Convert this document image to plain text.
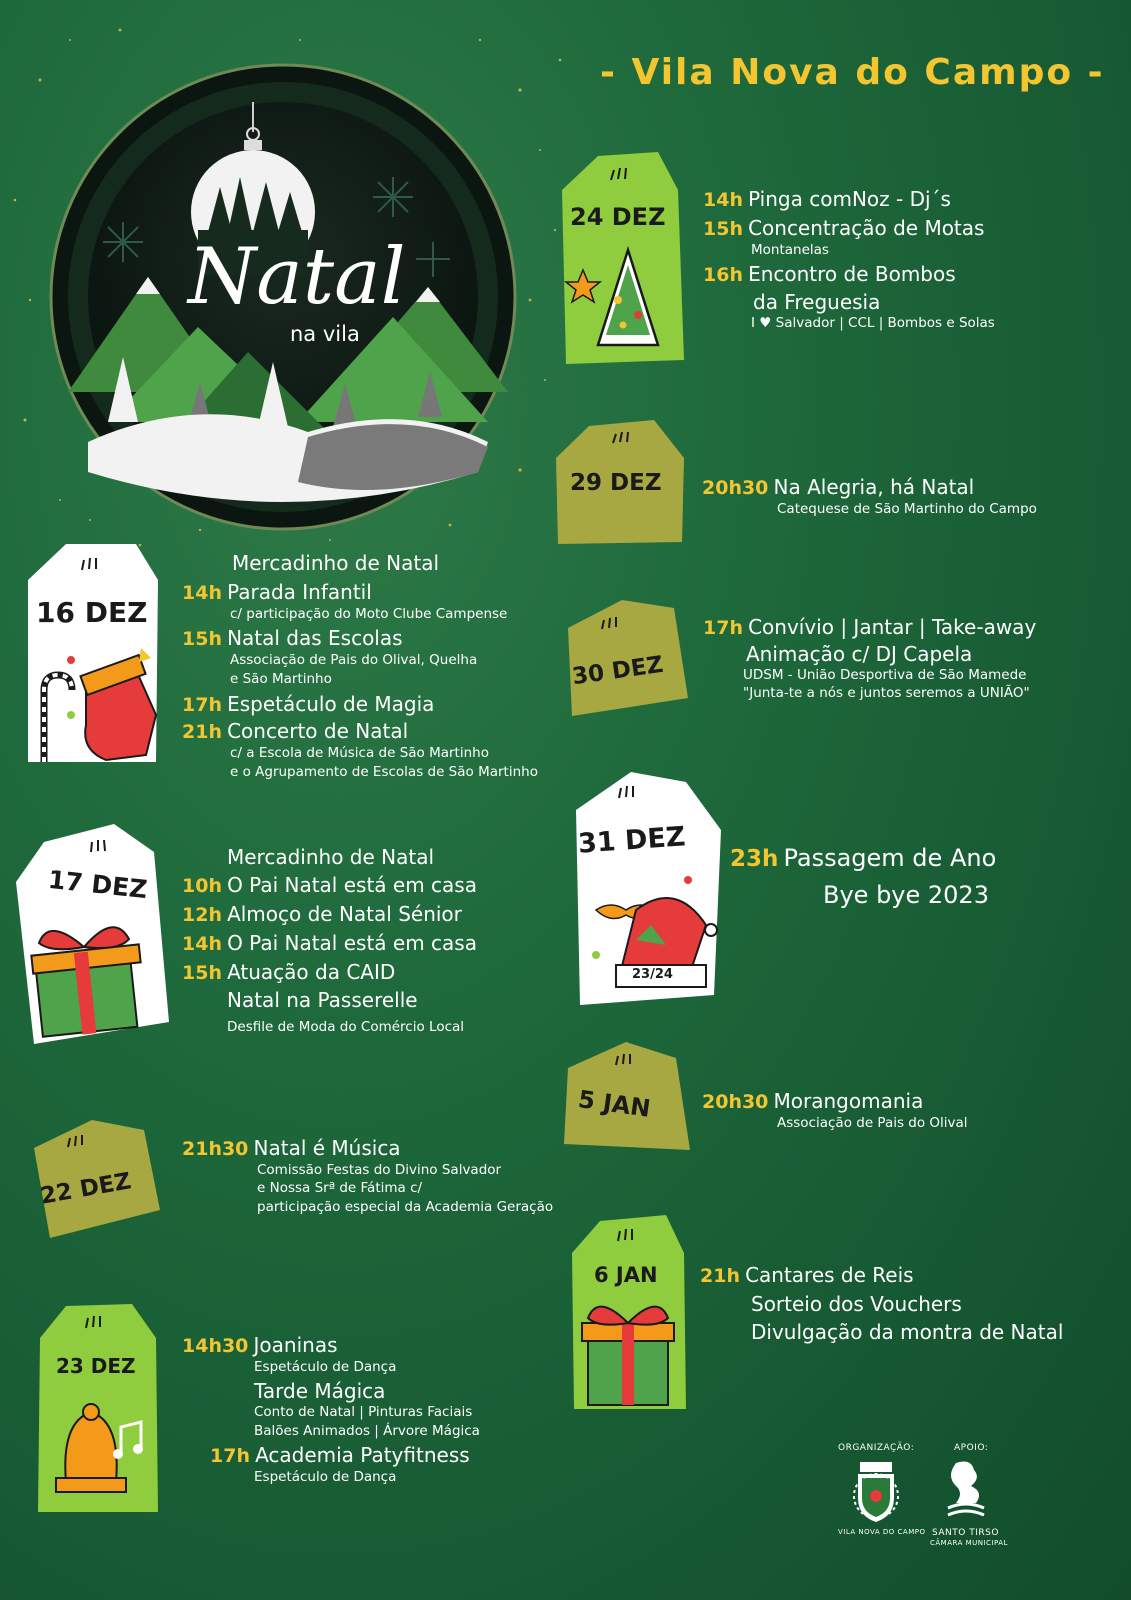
- Vila Nova do Campo -
Natal
na vila
24 DEZ
14h Pinga comNoz - Dj´s
15h Concentração de Motas
Montanelas
16h Encontro de Bombos
da Freguesia
I ♥ Salvador | CCL | Bombos e Solas
29 DEZ 20h30 Na Alegria, há Natal
Catequese de São Martinho do Campo
30 DEZ
17h Convívio | Jantar | Take-away
Animação c/ DJ Capela
UDSM - União Desportiva de São Mamede
"Junta-te a nós e juntos seremos a UNIÃO"
31 DEZ
23/24
23h Passagem de Ano
Bye bye 2023
5 JAN	20h30 Morangomania
Associação de Pais do Olival
6 JAN 21h Cantares de Reis
Sorteio dos Vouchers
Divulgação da montra de Natal
16 DEZ
Mercadinho de Natal
14h Parada Infantil
c/ participação do Moto Clube Campense
15h Natal das Escolas
Associação de Pais do Olival, Quelha
e São Martinho
17h Espetáculo de Magia
21h Concerto de Natal
c/ a Escola de Música de São Martinho
e o Agrupamento de Escolas de São Martinho
17 DEZ
Mercadinho de Natal
10h O Pai Natal está em casa
12h Almoço de Natal Sénior
14h O Pai Natal está em casa
15h Atuação da CAID
Natal na Passerelle
Desfile de Moda do Comércio Local
22 DEZ
21h30 Natal é Música
Comissão Festas do Divino Salvador
e Nossa Srª de Fátima c/
participação especial da Academia Geração
23 DEZ
14h30 Joaninas
Espetáculo de Dança
Tarde Mágica
Conto de Natal | Pinturas Faciais
Balões Animados | Árvore Mágica
17h Academia Patyfitness
Espetáculo de Dança
ORGANIZAÇÃO:	APOIO:
VILA NOVA DO CAMPO SANTO TIRSO
CÂMARA MUNICIPAL
